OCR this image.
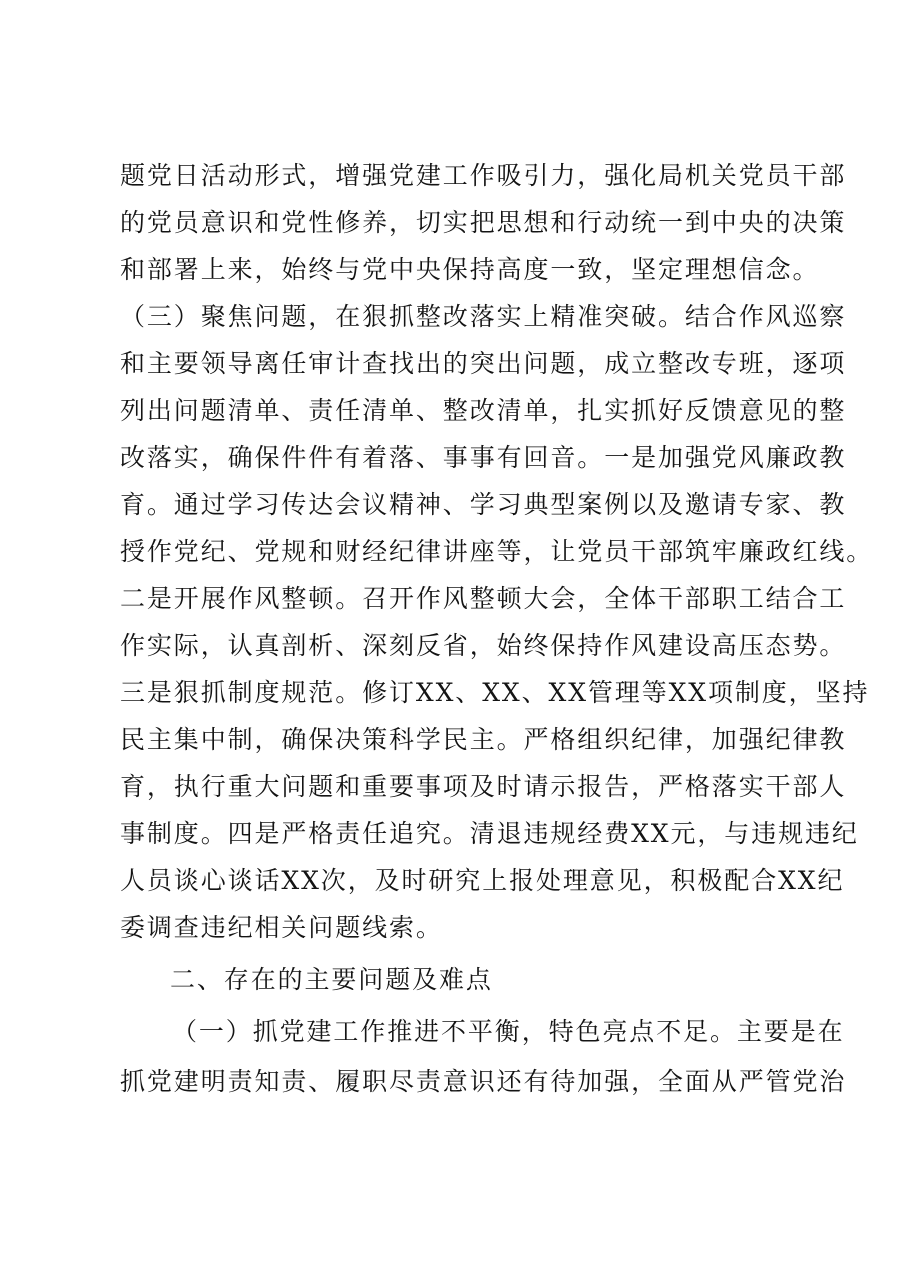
题党日活动形式，增强党建工作吸引力，强化局机关党员干部
的党员意识和党性修养，切实把思想和行动统一到中央的决策
和部署上来，始终与党中央保持高度一致，坚定理想信念。
（三）聚焦问题，在狠抓整改落实上精准突破。结合作风巡察
和主要领导离任审计查找出的突出问题，成立整改专班，逐项
列出问题清单、责任清单、整改清单，扎实抓好反馈意见的整
改落实，确保件件有着落、事事有回音。一是加强党风廉政教
育。通过学习传达会议精神、学习典型案例以及邀请专家、教
授作党纪、党规和财经纪律讲座等，让党员干部筑牢廉政红线。
二是开展作风整顿。召开作风整顿大会，全体干部职工结合工
作实际，认真剖析、深刻反省，始终保持作风建设高压态势。
三是狠抓制度规范。修订XX、XX、XX管理等XX项制度，坚持
民主集中制，确保决策科学民主。严格组织纪律，加强纪律教
育，执行重大问题和重要事项及时请示报告，严格落实干部人
事制度。四是严格责任追究。清退违规经费XX元，与违规违纪
人员谈心谈话XX次，及时研究上报处理意见，积极配合XX纪
委调查违纪相关问题线索。
二、存在的主要问题及难点
（一）抓党建工作推进不平衡，特色亮点不足。主要是在
抓党建明责知责、履职尽责意识还有待加强，全面从严管党治
